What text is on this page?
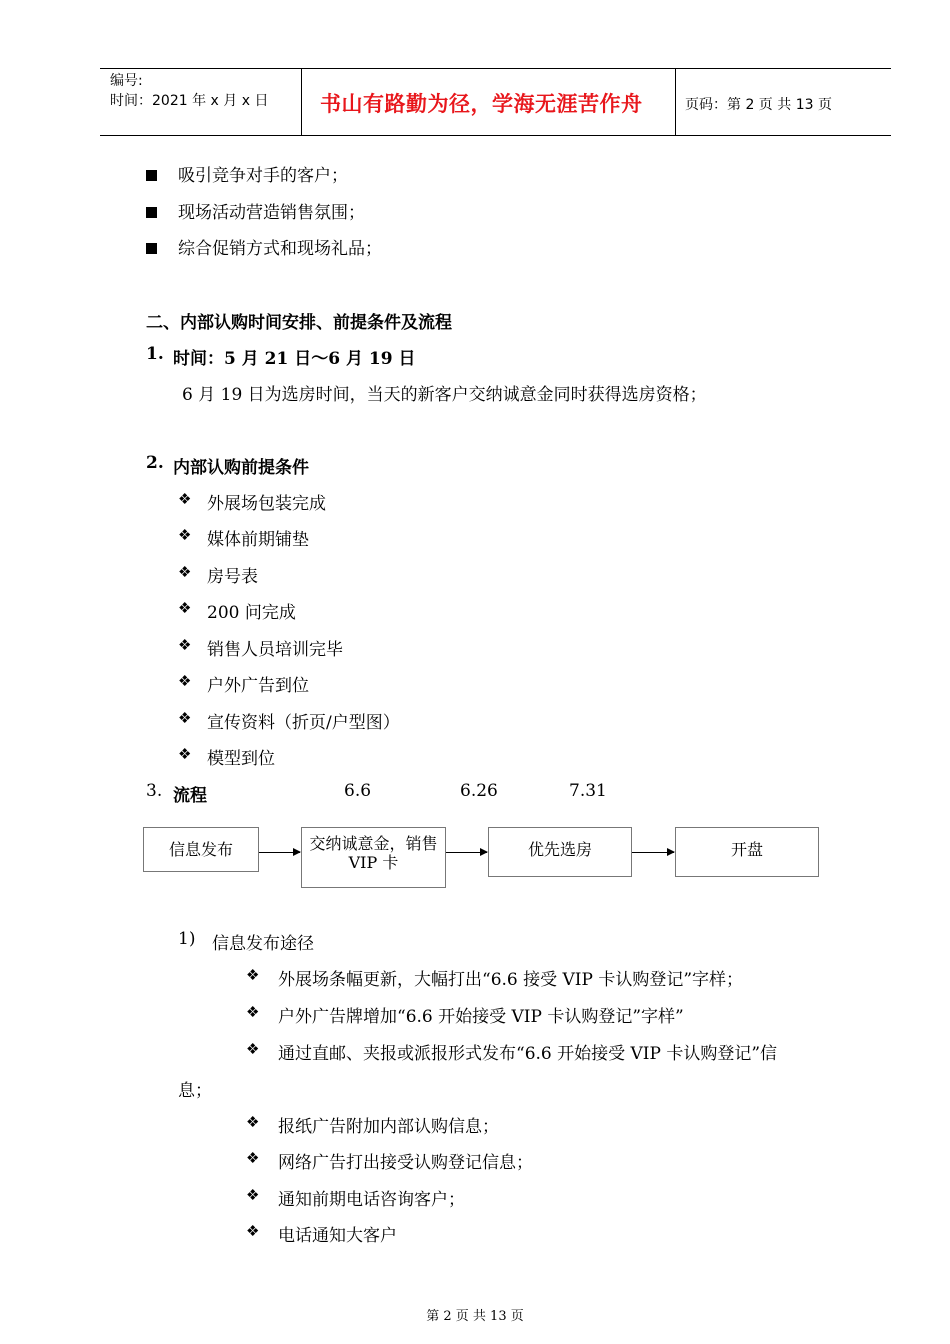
编号:
时间：2021 年 x 月 x 日 书山有路勤为径，学海无涯苦作舟	页码：第 2 页 共 13 页
吸引竞争对手的客户；
现场活动营造销售氛围；
综合促销方式和现场礼品；
二、内部认购时间安排、前提条件及流程
1. 时间：5 月 21 日～6 月 19 日
6 月 19 日为选房时间，当天的新客户交纳诚意金同时获得选房资格；
2. 内部认购前提条件
❖ 外展场包装完成
❖ 媒体前期铺垫
❖ 房号表
❖ 200 问完成
❖ 销售人员培训完毕
❖ 户外广告到位
❖ 宣传资料（折页/户型图）
❖ 模型到位
3. 流程	6.6	6.26	7.31
信息发布	交纳诚意金，销售
VIP 卡
优先选房	开盘
1) 信息发布途径
❖ 外展场条幅更新，大幅打出“6.6 接受 VIP 卡认购登记”字样；
❖ 户外广告牌增加“6.6 开始接受 VIP 卡认购登记”字样”
❖ 通过直邮、夹报或派报形式发布“6.6 开始接受 VIP 卡认购登记”信
息；
❖ 报纸广告附加内部认购信息；
❖ 网络广告打出接受认购登记信息；
❖ 通知前期电话咨询客户；
❖ 电话通知大客户
第 2 页 共 13 页
